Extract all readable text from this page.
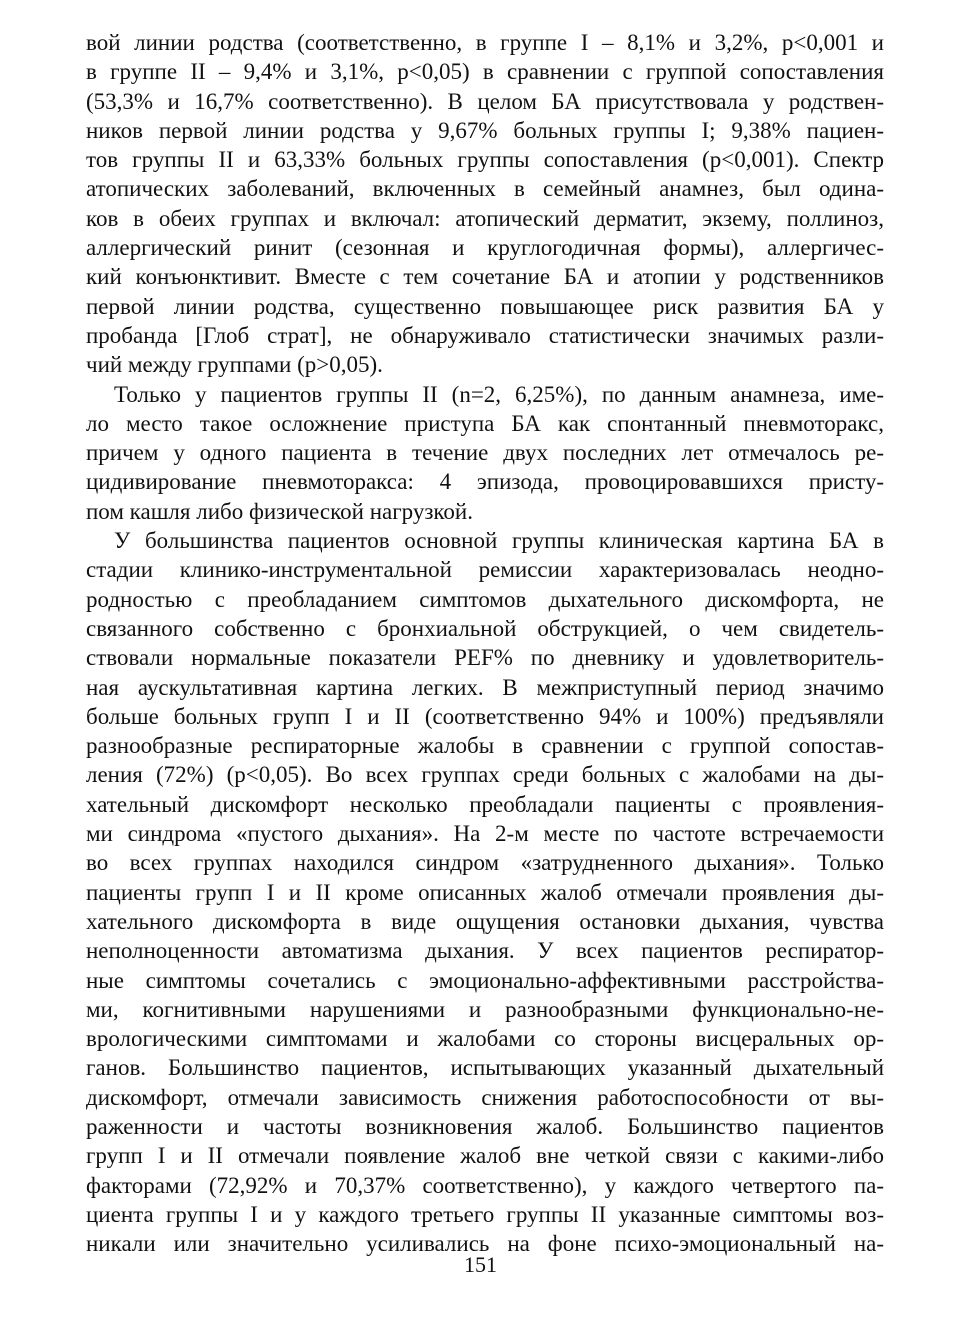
вой линии родства (соответственно, в группе I – 8,1% и 3,2%, p<0,001 и
в группе II – 9,4% и 3,1%, p<0,05) в сравнении с группой сопоставления
(53,3% и 16,7% соответственно). В целом БА присутствовала у родствен-
ников первой линии родства у 9,67% больных группы I; 9,38% пациен-
тов группы II и 63,33% больных группы сопоставления (p<0,001). Спектр
атопических заболеваний, включенных в семейный анамнез, был одина-
ков в обеих группах и включал: атопический дерматит, экзему, поллиноз,
аллергический ринит (сезонная и круглогодичная формы), аллергичес-
кий конъюнктивит. Вместе с тем сочетание БА и атопии у родственников
первой линии родства, существенно повышающее риск развития БА у
пробанда [Глоб страт], не обнаруживало статистически значимых разли-
чий между группами (p>0,05).
Только у пациентов группы II (n=2, 6,25%), по данным анамнеза, име-
ло место такое осложнение приступа БА как спонтанный пневмоторакс,
причем у одного пациента в течение двух последних лет отмечалось ре-
цидивирование пневмоторакса: 4 эпизода, провоцировавшихся присту-
пом кашля либо физической нагрузкой.
У большинства пациентов основной группы клиническая картина БА в
стадии клинико-инструментальной ремиссии характеризовалась неодно-
родностью с преобладанием симптомов дыхательного дискомфорта, не
связанного собственно с бронхиальной обструкцией, о чем свидетель-
ствовали нормальные показатели PEF% по дневнику и удовлетворитель-
ная аускультативная картина легких. В межприступный период значимо
больше больных групп I и II (соответственно 94% и 100%) предъявляли
разнообразные респираторные жалобы в сравнении с группой сопостав-
ления (72%) (p<0,05). Во всех группах среди больных с жалобами на ды-
хательный дискомфорт несколько преобладали пациенты с проявления-
ми синдрома «пустого дыхания». На 2-м месте по частоте встречаемости
во всех группах находился синдром «затрудненного дыхания». Только
пациенты групп I и II кроме описанных жалоб отмечали проявления ды-
хательного дискомфорта в виде ощущения остановки дыхания, чувства
неполноценности автоматизма дыхания. У всех пациентов респиратор-
ные симптомы сочетались с эмоционально-аффективными расстройства-
ми, когнитивными нарушениями и разнообразными функционально-не-
врологическими симптомами и жалобами со стороны висцеральных ор-
ганов. Большинство пациентов, испытывающих указанный дыхательный
дискомфорт, отмечали зависимость снижения работоспособности от вы-
раженности и частоты возникновения жалоб. Большинство пациентов
групп I и II отмечали появление жалоб вне четкой связи с какими-либо
факторами (72,92% и 70,37% соответственно), у каждого четвертого па-
циента группы I и у каждого третьего группы II указанные симптомы воз-
никали или значительно усиливались на фоне психо-эмоциональный на-
151
